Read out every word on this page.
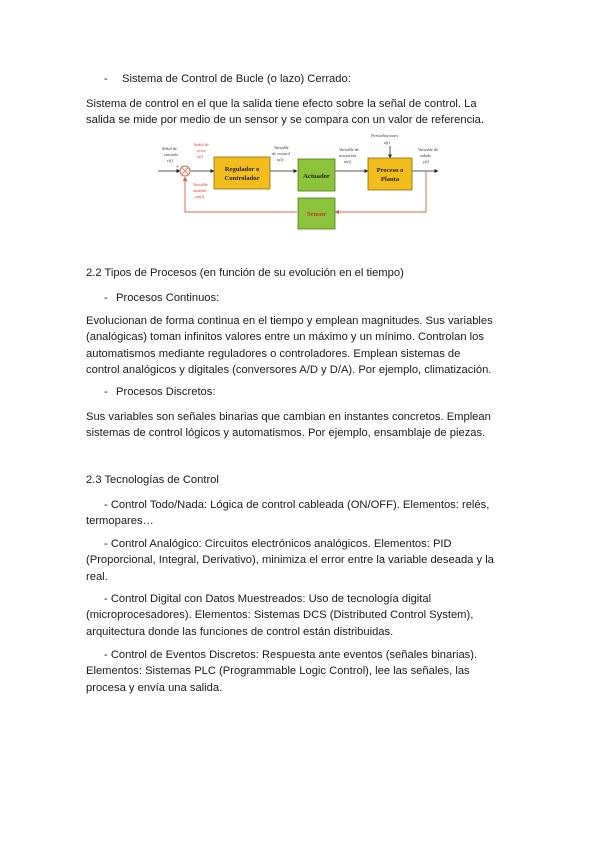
- Sistema de Control de Bucle (o lazo) Cerrado:

Sistema de control en el que la salida tiene efecto sobre la señal de control. La
salida se mide por medio de un sensor y se compara con un valor de referencia.

Señal de
entrada
r(t)
Señal de
error
e(t)
Variable
medida
ym(t)
Variable
de control
u(t)
Variable de
actuación
m(t)
Perturbaciones
z(t)
Variable de
salida
y(t)
+
-
Regulador o
Controlador	Actuador
Proceso o
Planta
Sensor

2.2 Tipos de Procesos (en función de su evolución en el tiempo)

- Procesos Continuos:

Evolucionan de forma continua en el tiempo y emplean magnitudes. Sus variables
(analógicas) toman infinitos valores entre un máximo y un mínimo. Controlan los
automatismos mediante reguladores o controladores. Emplean sistemas de
control analógicos y digitales (conversores A/D y D/A). Por ejemplo, climatización.

- Procesos Discretos:

Sus variables son señales binarias que cambian en instantes concretos. Emplean
sistemas de control lógicos y automatismos. Por ejemplo, ensamblaje de piezas.

2.3 Tecnologías de Control

- Control Todo/Nada: Lógica de control cableada (ON/OFF). Elementos: relés,
termopares…

- Control Analógico: Circuitos electrónicos analógicos. Elementos: PID
(Proporcional, Integral, Derivativo), minimiza el error entre la variable deseada y la
real.

- Control Digital con Datos Muestreados: Uso de tecnología digital
(microprocesadores). Elementos: Sistemas DCS (Distributed Control System),
arquitectura donde las funciones de control están distribuidas.

- Control de Eventos Discretos: Respuesta ante eventos (señales binarias).
Elementos: Sistemas PLC (Programmable Logic Control), lee las señales, las
procesa y envía una salida.
